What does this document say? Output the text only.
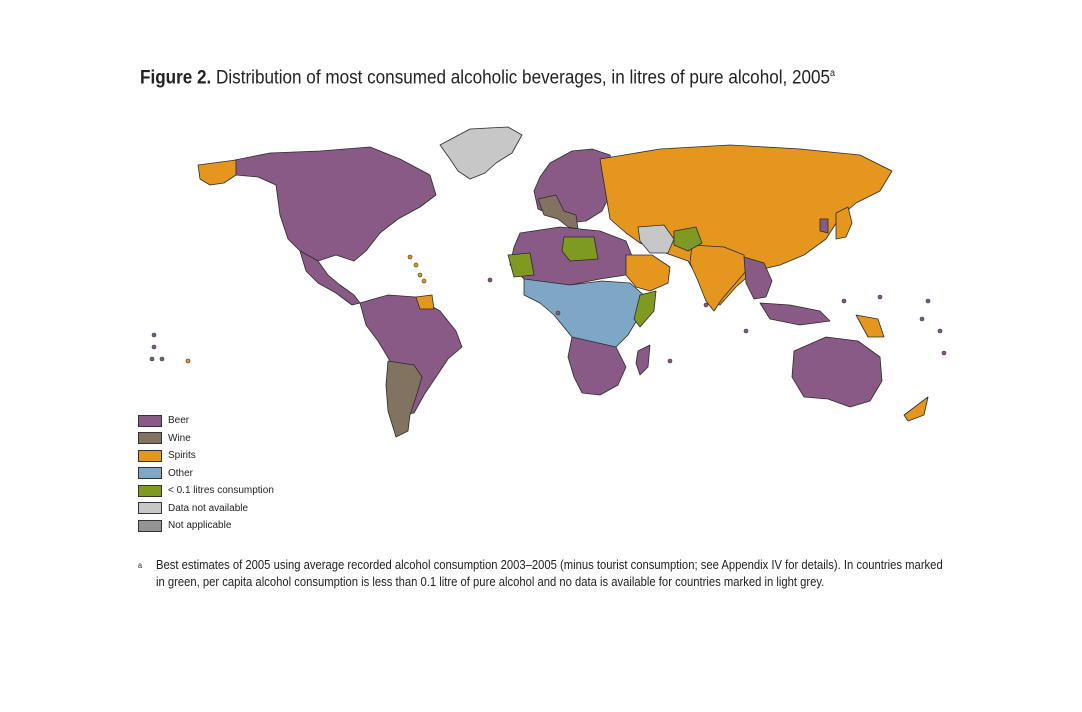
Figure 2. Distribution of most consumed alcoholic beverages, in litres of pure alcohol, 2005$^a$
Beer
Wine
Spirits
Other
< 0.1 litres consumption
Data not available
Not applicable
a Best estimates of 2005 using average recorded alcohol consumption 2003–2005 (minus tourist consumption; see Appendix IV for details). In countries marked in green, per capita alcohol consumption is less than 0.1 litre of pure alcohol and no data is available for countries marked in light grey.
